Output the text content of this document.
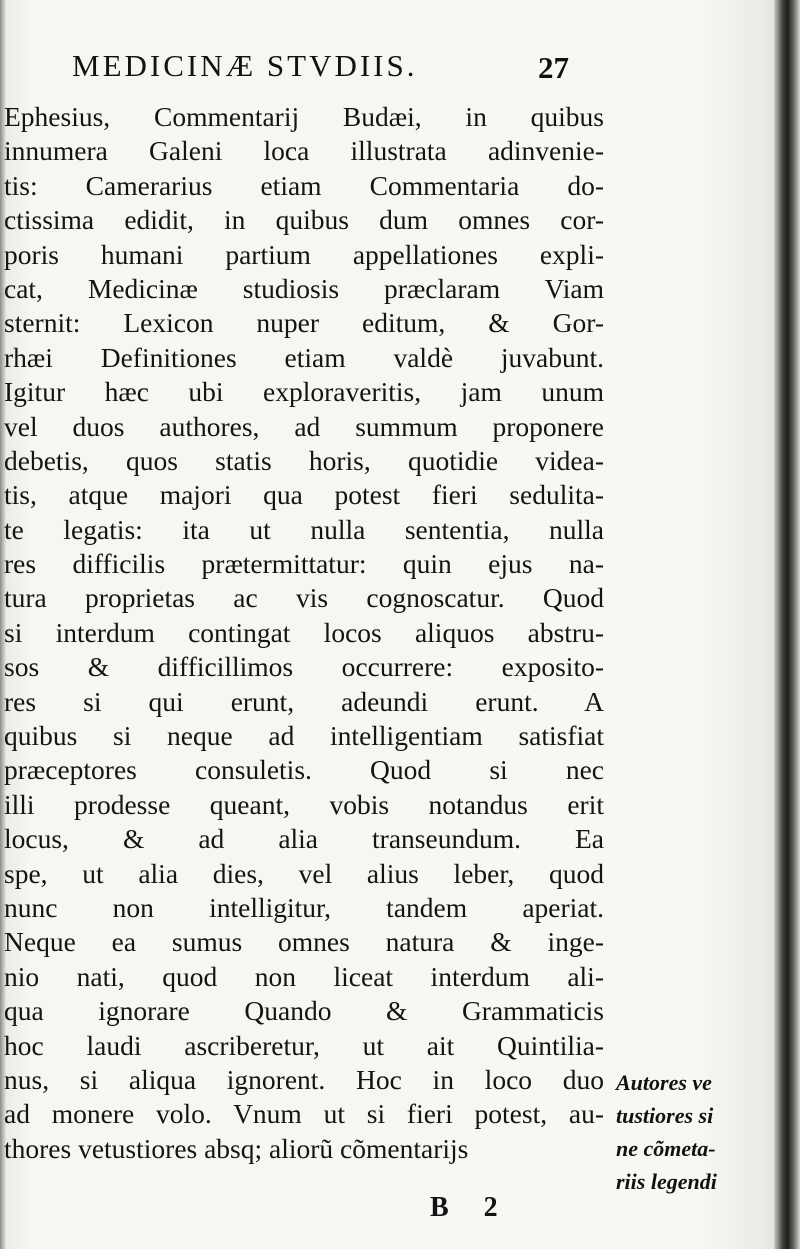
MEDICINÆ STVDIIS.	27
Ephesius, Commentarij Budæi, in quibus
innumera Galeni loca illustrata adinvenie-
tis: Camerarius etiam Commentaria do-
ctissima edidit, in quibus dum omnes cor-
poris humani partium appellationes expli-
cat, Medicinæ studiosis præclaram Viam
sternit: Lexicon nuper editum, & Gor-
rhæi Definitiones etiam valdè juvabunt.
Igitur hæc ubi exploraveritis, jam unum
vel duos authores, ad summum proponere
debetis, quos statis horis, quotidie videa-
tis, atque majori qua potest fieri sedulita-
te legatis: ita ut nulla sententia, nulla
res difficilis prætermittatur: quin ejus na-
tura proprietas ac vis cognoscatur. Quod
si interdum contingat locos aliquos abstru-
sos & difficillimos occurrere: exposito-
res si qui erunt, adeundi erunt. A
quibus si neque ad intelligentiam satisfiat
præceptores consuletis. Quod si nec
illi prodesse queant, vobis notandus erit
locus, & ad alia transeundum. Ea
spe, ut alia dies, vel alius leber, quod
nunc non intelligitur, tandem aperiat.
Neque ea sumus omnes natura & inge-
nio nati, quod non liceat interdum ali-
qua ignorare Quando & Grammaticis
hoc laudi ascriberetur, ut ait Quintilia-
nus, si aliqua ignorent. Hoc in loco duo
ad monere volo. Vnum ut si fieri potest, au-
thores vetustiores absq; aliorũ cõmentarijs
Autores ve
tustiores si
ne cõmeta-
riis legendi
B 2
